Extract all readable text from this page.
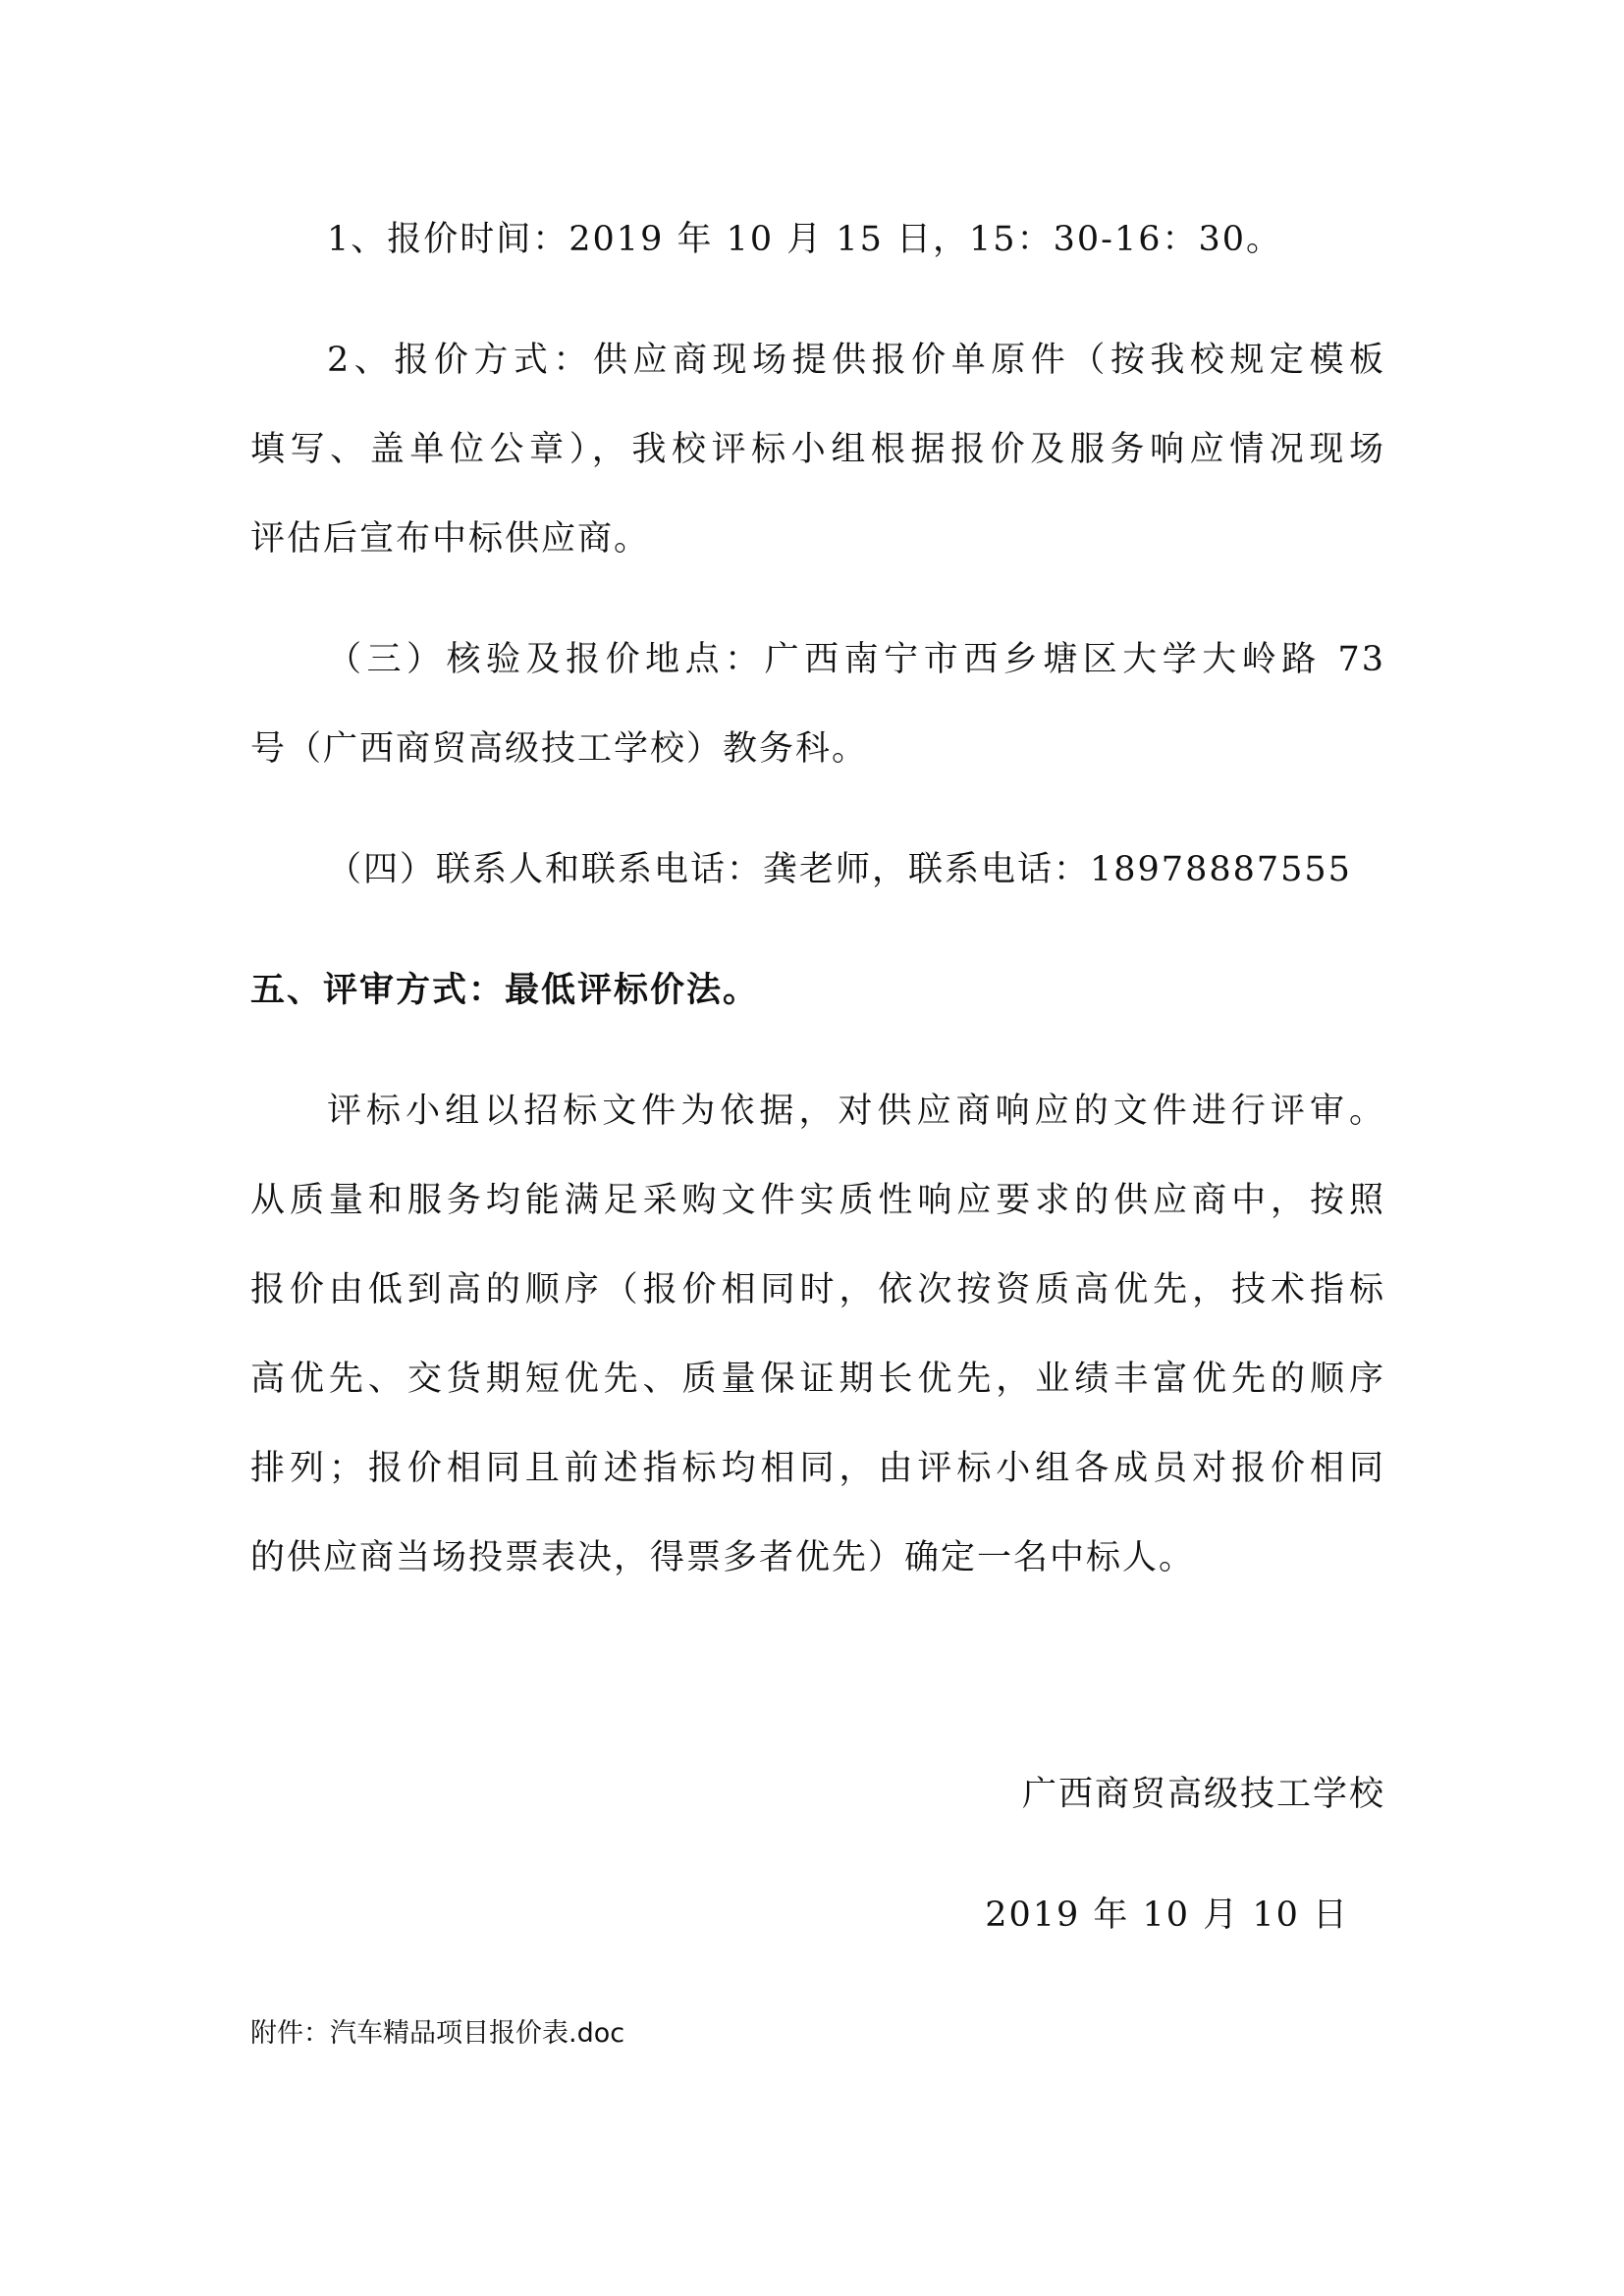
1、报价时间：2019 年 10 月 15 日，15：30-16：30。
2、报价方式：供应商现场提供报价单原件（按我校规定模板
填写、盖单位公章），我校评标小组根据报价及服务响应情况现场
评估后宣布中标供应商。
（三）核验及报价地点：广西南宁市西乡塘区大学大岭路 73
号（广西商贸高级技工学校）教务科。
（四）联系人和联系电话：龚老师，联系电话：18978887555
五、评审方式：最低评标价法。
评标小组以招标文件为依据，对供应商响应的文件进行评审。
从质量和服务均能满足采购文件实质性响应要求的供应商中，按照
报价由低到高的顺序（报价相同时，依次按资质高优先，技术指标
高优先、交货期短优先、质量保证期长优先，业绩丰富优先的顺序
排列；报价相同且前述指标均相同，由评标小组各成员对报价相同
的供应商当场投票表决，得票多者优先）确定一名中标人。
广西商贸高级技工学校
2019 年 10 月 10 日
附件：汽车精品项目报价表.doc
